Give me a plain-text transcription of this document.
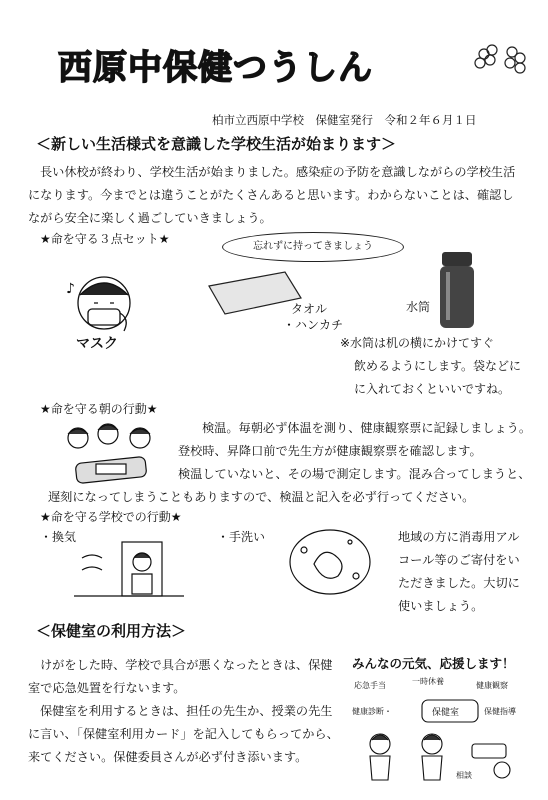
西原中保健つうしん
柏市立西原中学校　保健室発行　令和２年６月１日
＜新しい生活様式を意識した学校生活が始まります＞
長い休校が終わり、学校生活が始まりました。感染症の予防を意識しながらの学校生活
になります。今までとは違うことがたくさんあると思います。わからないことは、確認し
ながら安全に楽しく過ごしていきましょう。
★命を守る３点セット★
忘れずに持ってきましょう
♪
マスク
タオル
・ハンカチ
水筒
※水筒は机の横にかけてすぐ
飲めるようにします。袋などに
に入れておくといいですね。
★命を守る朝の行動★
検温。毎朝必ず体温を測り、健康観察票に記録しましょう。
登校時、昇降口前で先生方が健康観察票を確認します。
検温していないと、その場で測定します。混み合ってしまうと、
遅刻になってしまうこともありますので、検温と記入を必ず行ってください。
★命を守る学校での行動★
・換気	・手洗い	地域の方に消毒用アル
コール等のご寄付をい
ただきました。大切に
使いましょう。
＜保健室の利用方法＞
けがをした時、学校で具合が悪くなったときは、保健
室で応急処置を行ないます。
保健室を利用するときは、担任の先生か、授業の先生
に言い、「保健室利用カード」を記入してもらってから、
来てください。保健委員さんが必ず付き添います。
みんなの元気、応援します！
応急手当	一時休養	健康観察
健康診断・	保健室	保健指導
相談
